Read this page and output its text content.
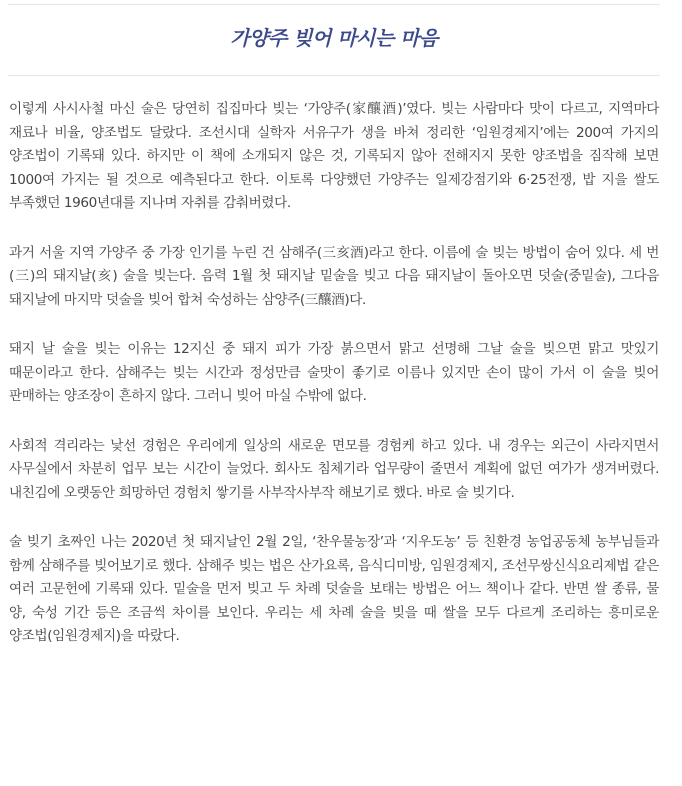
가양주 빚어 마시는 마음

이렇게 사시사철 마신 술은 당연히 집집마다 빚는 ‘가양주(家釀酒)’였다. 빚는 사람마다 맛이 다르고, 지역마다 재료나 비율, 양조법도 달랐다. 조선시대 실학자 서유구가 생을 바쳐 정리한 ‘임원경제지’에는 200여 가지의 양조법이 기록돼 있다. 하지만 이 책에 소개되지 않은 것, 기록되지 않아 전해지지 못한 양조법을 짐작해 보면 1000여 가지는 될 것으로 예측된다고 한다. 이토록 다양했던 가양주는 일제강점기와 6·25전쟁, 밥 지을 쌀도 부족했던 1960년대를 지나며 자취를 감춰버렸다.

과거 서울 지역 가양주 중 가장 인기를 누린 건 삼해주(三亥酒)라고 한다. 이름에 술 빚는 방법이 숨어 있다. 세 번(三)의 돼지날(亥) 술을 빚는다. 음력 1월 첫 돼지날 밑술을 빚고 다음 돼지날이 돌아오면 덧술(중밑술), 그다음 돼지날에 마지막 덧술을 빚어 합쳐 숙성하는 삼양주(三釀酒)다.

돼지 날 술을 빚는 이유는 12지신 중 돼지 피가 가장 붉으면서 맑고 선명해 그날 술을 빚으면 맑고 맛있기 때문이라고 한다. 삼해주는 빚는 시간과 정성만큼 술맛이 좋기로 이름나 있지만 손이 많이 가서 이 술을 빚어 판매하는 양조장이 흔하지 않다. 그러니 빚어 마실 수밖에 없다.

사회적 격리라는 낯선 경험은 우리에게 일상의 새로운 면모를 경험케 하고 있다. 내 경우는 외근이 사라지면서 사무실에서 차분히 업무 보는 시간이 늘었다. 회사도 침체기라 업무량이 줄면서 계획에 없던 여가가 생겨버렸다. 내친김에 오랫동안 희망하던 경험치 쌓기를 사부작사부작 해보기로 했다. 바로 술 빚기다.

술 빚기 초짜인 나는 2020년 첫 돼지날인 2월 2일, ‘찬우물농장’과 ‘지우도농’ 등 친환경 농업공동체 농부님들과 함께 삼해주를 빚어보기로 했다. 삼해주 빚는 법은 산가요록, 음식디미방, 임원경제지, 조선무쌍신식요리제법 같은 여러 고문헌에 기록돼 있다. 밑술을 먼저 빚고 두 차례 덧술을 보태는 방법은 어느 책이나 같다. 반면 쌀 종류, 물 양, 숙성 기간 등은 조금씩 차이를 보인다. 우리는 세 차례 술을 빚을 때 쌀을 모두 다르게 조리하는 흥미로운 양조법(임원경제지)을 따랐다.
